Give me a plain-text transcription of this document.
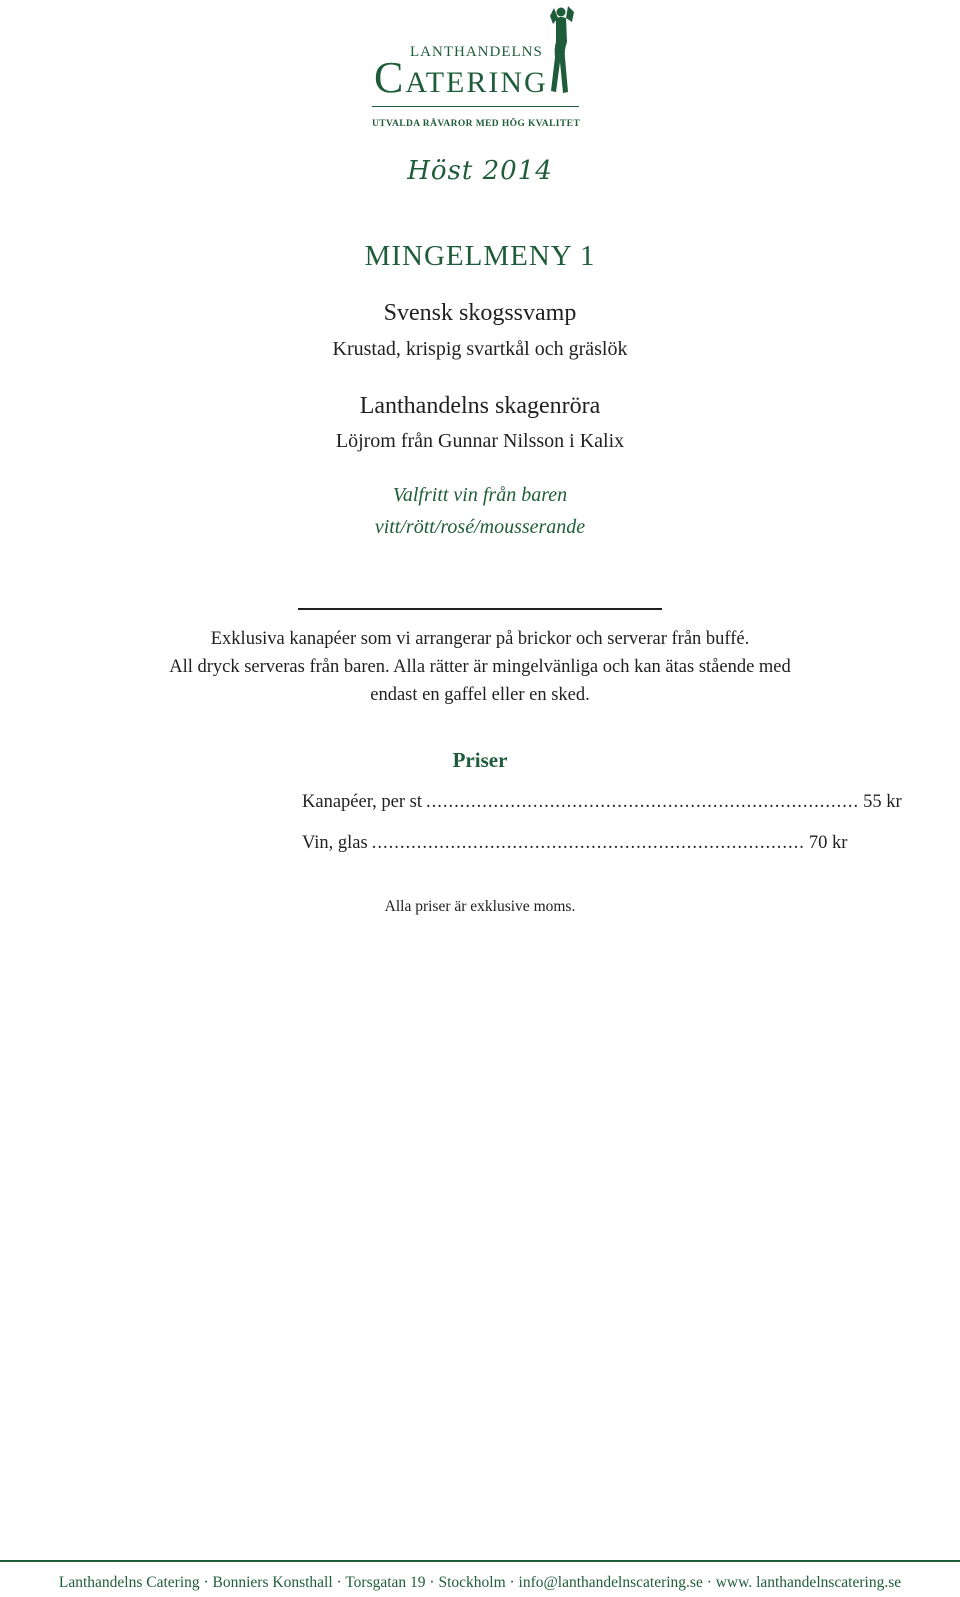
LANTHANDELNS
CATERING
UTVALDA RÅVAROR MED HÖG KVALITET
Höst 2014
MINGELMENY 1
Svensk skogssvamp
Krustad, krispig svartkål och gräslök
Lanthandelns skagenröra
Löjrom från Gunnar Nilsson i Kalix
Valfritt vin från baren
vitt/rött/rosé/mousserande
Exklusiva kanapéer som vi arrangerar på brickor och serverar från buffé.
All dryck serveras från baren. Alla rätter är mingelvänliga och kan ätas stående med
endast en gaffel eller en sked.
Priser
Kanapéer, per st ............................................................................. 55 kr
Vin, glas ............................................................................. 70 kr
Alla priser är exklusive moms.
Lanthandelns Catering · Bonniers Konsthall · Torsgatan 19 · Stockholm · info@lanthandelnscatering.se · www. lanthandelnscatering.se
